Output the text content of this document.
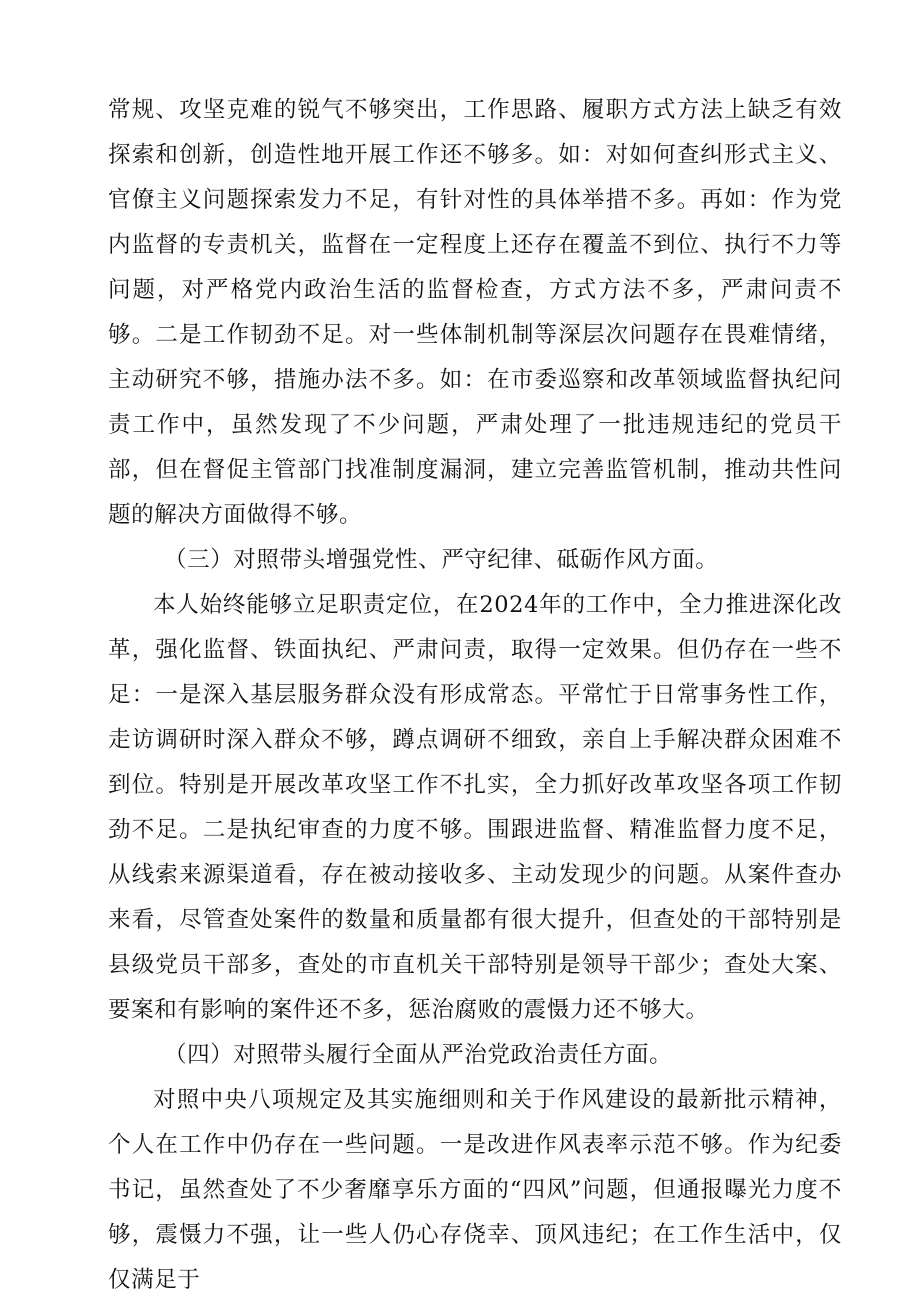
常规、攻坚克难的锐气不够突出，工作思路、履职方式方法上缺乏有效探索和创新，创造性地开展工作还不够多。如：对如何查纠形式主义、官僚主义问题探索发力不足，有针对性的具体举措不多。再如：作为党内监督的专责机关，监督在一定程度上还存在覆盖不到位、执行不力等问题，对严格党内政治生活的监督检查，方式方法不多，严肃问责不够。二是工作韧劲不足。对一些体制机制等深层次问题存在畏难情绪，主动研究不够，措施办法不多。如：在市委巡察和改革领域监督执纪问责工作中，虽然发现了不少问题，严肃处理了一批违规违纪的党员干部，但在督促主管部门找准制度漏洞，建立完善监管机制，推动共性问题的解决方面做得不够。

（三）对照带头增强党性、严守纪律、砥砺作风方面。

本人始终能够立足职责定位，在2024年的工作中，全力推进深化改革，强化监督、铁面执纪、严肃问责，取得一定效果。但仍存在一些不足：一是深入基层服务群众没有形成常态。平常忙于日常事务性工作，走访调研时深入群众不够，蹲点调研不细致，亲自上手解决群众困难不到位。特别是开展改革攻坚工作不扎实，全力抓好改革攻坚各项工作韧劲不足。二是执纪审查的力度不够。围跟进监督、精准监督力度不足，从线索来源渠道看，存在被动接收多、主动发现少的问题。从案件查办来看，尽管查处案件的数量和质量都有很大提升，但查处的干部特别是县级党员干部多，查处的市直机关干部特别是领导干部少；查处大案、要案和有影响的案件还不多，惩治腐败的震慑力还不够大。

（四）对照带头履行全面从严治党政治责任方面。

对照中央八项规定及其实施细则和关于作风建设的最新批示精神，个人在工作中仍存在一些问题。一是改进作风表率示范不够。作为纪委书记，虽然查处了不少奢靡享乐方面的“四风”问题，但通报曝光力度不够，震慑力不强，让一些人仍心存侥幸、顶风违纪；在工作生活中，仅仅满足于
